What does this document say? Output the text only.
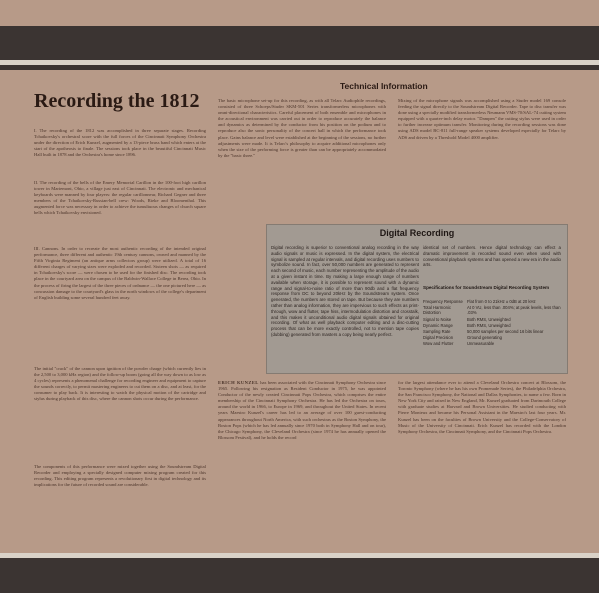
Recording the 1812
Technical Information

I. The recording of the 1812 was accomplished in three separate stages. Recording Tchaikovsky's orchestral score with the full forces of the Cincinnati Symphony Orchestra under the direction of Erich Kunzel, augmented by a 13-piece brass band which enters at the start of the apotheosis to finale. The sessions took place in the beautiful Cincinnati Music Hall built in 1878 and the Orchestra's home since 1896.

II. The recording of the bells of the Emery Memorial Carillon in the 100-foot high carillon tower in Mariemont, Ohio, a village just east of Cincinnati. The electronic and mechanical keyboards were manned by four players: the regular carillonneur, Richard Gegner and three members of the Tchaikovsky-Russian-bell crew: Woods, Rieke and Bloomenthal. This augmented force was necessary in order to achieve the tumultuous changes of church square bells which Tchaikovsky envisioned.

III. Cannons. In order to recreate the most authentic recording of the intended original performance, three different and authentic 19th century cannons, owned and manned by the Fifth Virginia Regiment (an antique arms collectors group) were utilized. A total of 16 different charges of varying sizes were exploded and recorded. Sixteen shots — as required in Tchaikovsky's score — were chosen to be used for the finished disc. The recording took place in the courtyard area on the campus of the Baldwin-Wallace College in Berea, Ohio. In the process of firing the largest of the three pieces of ordnance — the one pictured here — as concussion damage to the courtyard's glass in the north windows of the college's department of English building some several hundred feet away.

The initial "crack" of the cannon upon ignition of the powder charge (which currently lies in the 2,500 to 3,000 kHz region) and the follow-up boom (going all the way down to as low as 4 cycles) represents a phenomenal challenge for recording engineer and equipment to capture the sounds correctly, to permit mastering engineers to cut them on a disc, and at least, for the consumer to play back. It is interesting to watch the physical motion of the cartridge and stylus during playback of this disc, where the cannon shots occur during the performance.

The components of this performance were mixed together using the Soundstream Digital Recorder and employing a specially designed computer mixing program created for this recording. This editing program represents a revolutionary first in digital technology and its implications for the future of recorded sound are considerable.

The basic microphone set-up for this recording, as with all Telarc Audiophile recordings, consisted of three Schoeps/Studer SKM-501 Series transformerless microphones with omni-directional characteristics. Careful placement of both ensemble and microphones in the acoustical environment was carried out in order to reproduce accurately the balance and dynamics as determined by the conductor from his position on the podium and to reproduce also the sonic personality of the concert hall in which the performance took place. Gains balance and level were established at the beginning of the sessions, no further adjustments were made. It is Telarc's philosophy to acquire additional microphones only when the size of the performing force is greater than can be appropriately accommodated by the "basic three."

Mixing of the microphone signals was accomplished using a Studer model 169 console feeding the signal directly to the Soundstream Digital Recorder. Tape to disc transfer was done using a specially modified transformerless Neumann VMS-70/SAL-74 cutting system equipped with a quarter-inch delay motor. "Dampen" the cutting stylus were used in order to further increase optimum transfer. Monitoring during the recording sessions was done using ADS model BC-811 full-range speaker systems developed especially for Telarc by ADS and driven by a Threshold Model 4000 amplifier.

Digital Recording

Digital recording is superior to conventional analog recording in the way audio signals or music is expressed. In the digital system, the electrical signal is sampled at regular intervals, and digital recording uses numbers to symbolize sound. In fact, over 50,000 numbers are generated to represent each second of music, each number representing the amplitude of the audio at a given instant in time. By making a large enough range of numbers available when storage, it is possible to represent sound with a dynamic range and signal-to-noise ratio of more than 90db and a flat frequency response from DC to beyond 20kHz by the Soundstream system. Once generated, the numbers are stored on tape. But because they are numbers rather than analog information, they are impervious to such effects as print-through, wow and flutter, tape hiss, intermodulation distortion and crosstalk, and this makes it unconditional audio digital signals obtained for original recording. Of what as well playback computer editing and a disc-cutting process that can be more exactly controlled, not to mention tape copies (dubbing) generated from masters a copy being nearly perfect.

identical set of numbers. Hence digital technology can effect a dramatic improvement in recorded sound even when used with conventional playback systems and has opened a new era in the audio arts.

Specifications for Soundstream Digital Recording System

Frequency Response	Flat from 0 to 21kHz ± 0dB at 20 kHz
Total Harmonic Distortion	At 0 VU, less than .004%; at peak levels, less than .03%
Signal to Noise	Both RMS, Unweighted
Dynamic Range	Both RMS, Unweighted
Sampling Rate	50,000 samples per second 16 bits linear
Digital Precision	Ground generating
Wow and Flutter	Unmeasurable

ERICH KUNZEL has been associated with the Cincinnati Symphony Orchestra since 1965. Following his resignation as Resident Conductor in 1975, he was appointed Conductor of the newly created Cincinnati Pops Orchestra, which comprises the entire membership of the Cincinnati Symphony Orchestra. He has led the Orchestra on tours, around the world in 1966, to Europe in 1969, and throughout the United States. In recent years Maestro Kunzel's career has led to an average of over 100 guest-conducting appearances throughout North America, with such orchestras as the Boston Symphony, the Boston Pops (which he has led annually since 1970 both in Symphony Hall and on tour), the Chicago Symphony, the Cleveland Orchestra (since 1974 he has annually opened the Blossom Festival), and he holds the record

for the largest attendance ever to attend a Cleveland Orchestra concert at Blossom, the Toronto Symphony (where he has his own Promenade Series), the Philadelphia Orchestra, the San Francisco Symphony, the National and Dallas Symphonies, to name a few. Born in New York City and raised in New England, Mr. Kunzel graduated from Dartmouth College with graduate studies at Harvard and Brown Universities. He studied conducting with Pierre Monteux and became his Personal Assistant in the Maestro's last four years. Mr. Kunzel has been on the faculties of Brown University and the College-Conservatory of Music of the University of Cincinnati. Erich Kunzel has recorded with the London Symphony Orchestra, the Cincinnati Symphony, and the Cincinnati Pops Orchestra.
